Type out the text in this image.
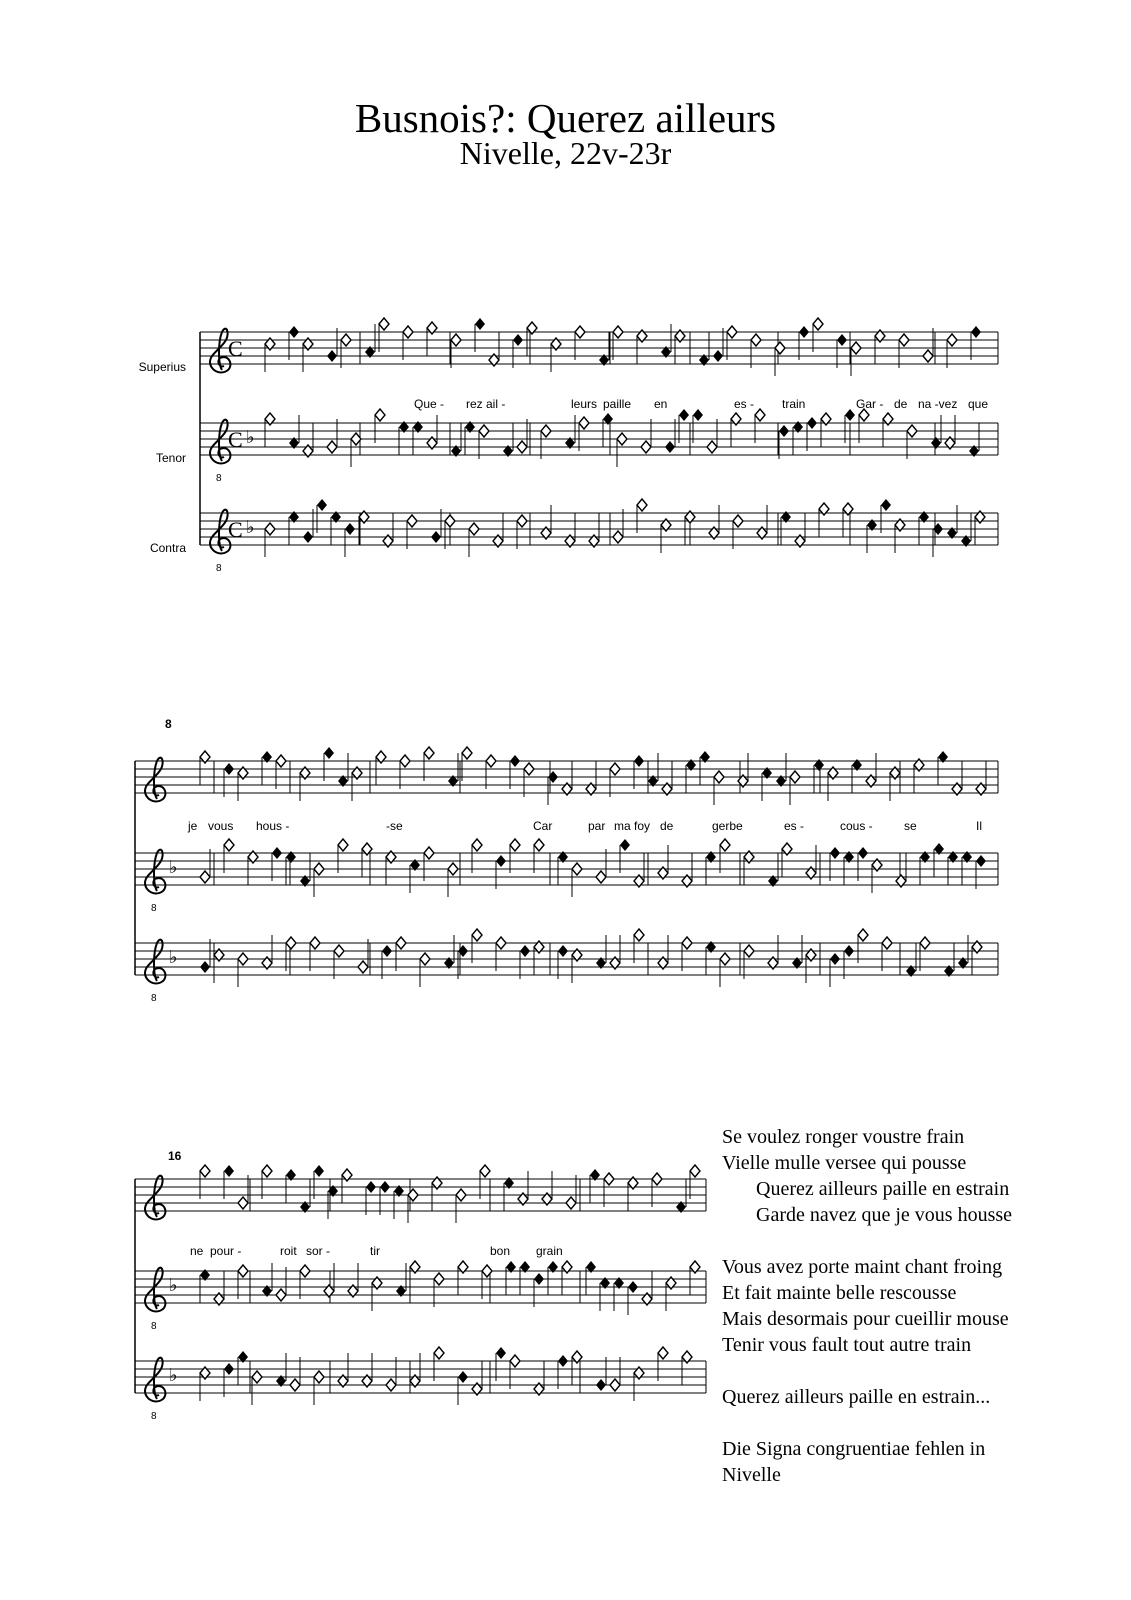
Busnois?: Querez ailleurs
Nivelle, 22v-23r
Superius
Tenor
Contra
8
16
C
8
♭
C
8
♭
C
8
♭
8
♭
8
♭
8
♭
Que - rez ail -	leurs paille en	es - train	Gar - de na -vez que
je vous hous -	-se	Car	par ma foy de	gerbe	es -	cous -	se	Il
ne pour -	roit sor -	tir	bon grain
Se voulez ronger voustre frain
Vielle mulle versee qui pousse
Querez ailleurs paille en estrain
Garde navez que je vous housse
Vous avez porte maint chant froing
Et fait mainte belle rescousse
Mais desormais pour cueillir mouse
Tenir vous fault tout autre train
Querez ailleurs paille en estrain...
Die Signa congruentiae fehlen in
Nivelle
